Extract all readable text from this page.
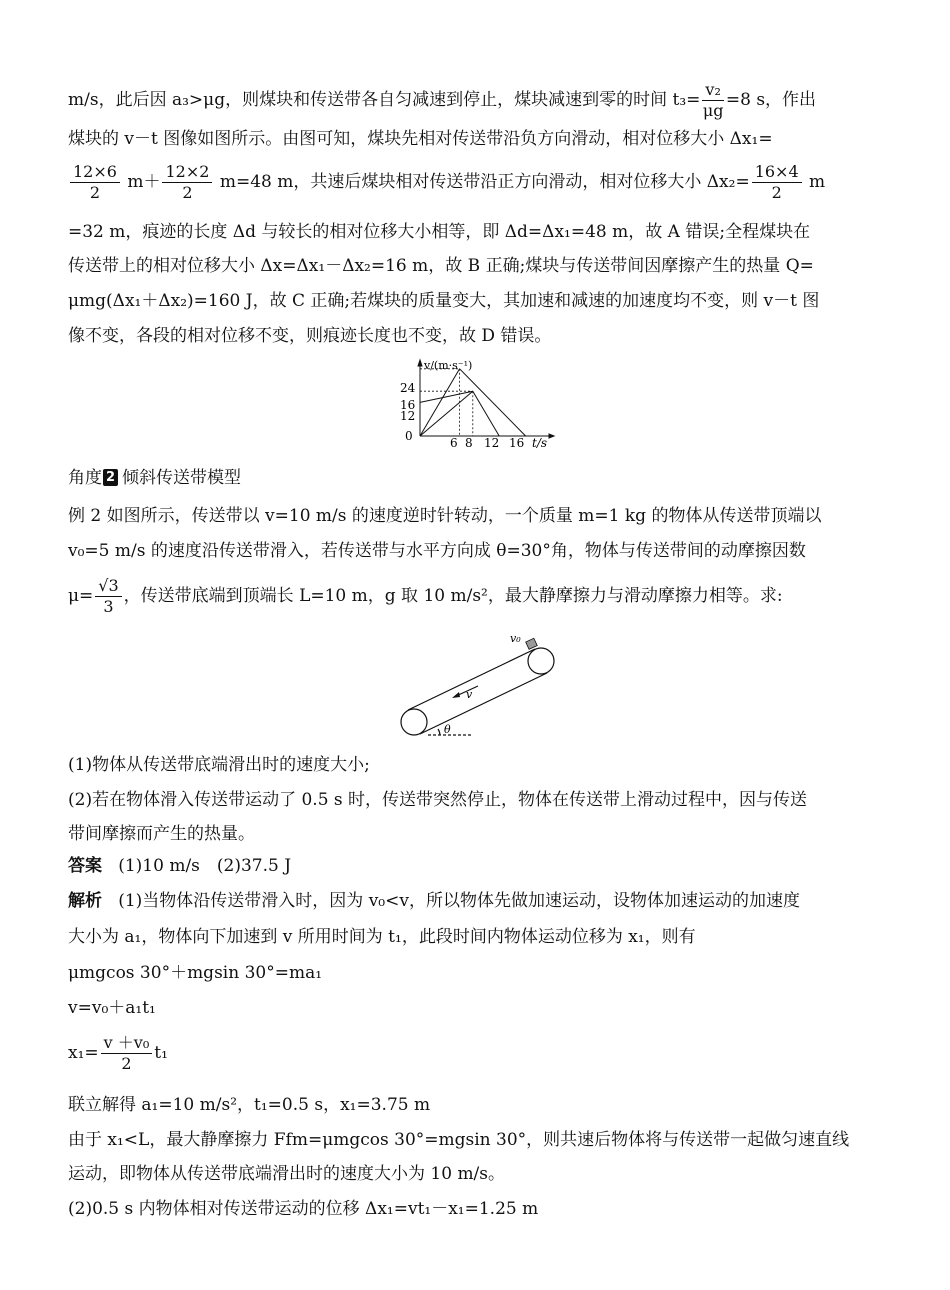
m/s，此后因 a₃>μg，则煤块和传送带各自匀减速到停止，煤块减速到零的时间 $t_3= \frac{\text{v₂}}{\mu g} =8$ s，作出
煤块的 v－t 图像如图所示。由图可知，煤块先相对传送带沿负方向滑动，相对位移大小 Δx₁=
$\frac{12\times 6}{2} m+ \frac{12\times 2}{2} m=48$ m，共速后煤块相对传送带沿正方向滑动，相对位移大小 $\Delta x_2= \frac{16\times 4}{2}$ m
=32 m，痕迹的长度 Δd 与较长的相对位移大小相等，即 Δd=Δx₁=48 m，故 A 错误;全程煤块在
传送带上的相对位移大小 Δx=Δx₁－Δx₂=16 m，故 B 正确;煤块与传送带间因摩擦产生的热量 Q=
μmg(Δx₁＋Δx₂)=160 J，故 C 正确;若煤块的质量变大，其加速和减速的加速度均不变，则 v－t 图
像不变，各段的相对位移不变，则痕迹长度也不变，故 D 错误。
v/(m·s⁻¹)
t/s
0
24
16
12
6 8 12 16
角度 2 倾斜传送带模型
例 2 如图所示，传送带以 v=10 m/s 的速度逆时针转动，一个质量 m=1 kg 的物体从传送带顶端以
v₀=5 m/s 的速度沿传送带滑入，若传送带与水平方向成 θ=30°角，物体与传送带间的动摩擦因数
$\mu= \frac{√3}{3}$ ，传送带底端到顶端长 L=10 m，g 取 10 m/s²，最大静摩擦力与滑动摩擦力相等。求:
v₀
v
θ
(1)物体从传送带底端滑出时的速度大小;
(2)若在物体滑入传送带运动了 0.5 s 时，传送带突然停止，物体在传送带上滑动过程中，因与传送
带间摩擦而产生的热量。
答案 (1)10 m/s　(2)37.5 J
解析 (1)当物体沿传送带滑入时，因为 v₀<v，所以物体先做加速运动，设物体加速运动的加速度
大小为 a₁，物体向下加速到 v 所用时间为 t₁，此段时间内物体运动位移为 x₁，则有
μmgcos 30°＋mgsin 30°=ma₁
v=v₀＋a₁t₁
$x_1= \frac{\text{v ＋v₀}}{2} t_1$
联立解得 a₁=10 m/s²，t₁=0.5 s，x₁=3.75 m
由于 x₁<L，最大静摩擦力 Ffm=μmgcos 30°=mgsin 30°，则共速后物体将与传送带一起做匀速直线
运动，即物体从传送带底端滑出时的速度大小为 10 m/s。
(2)0.5 s 内物体相对传送带运动的位移 Δx₁=vt₁－x₁=1.25 m
